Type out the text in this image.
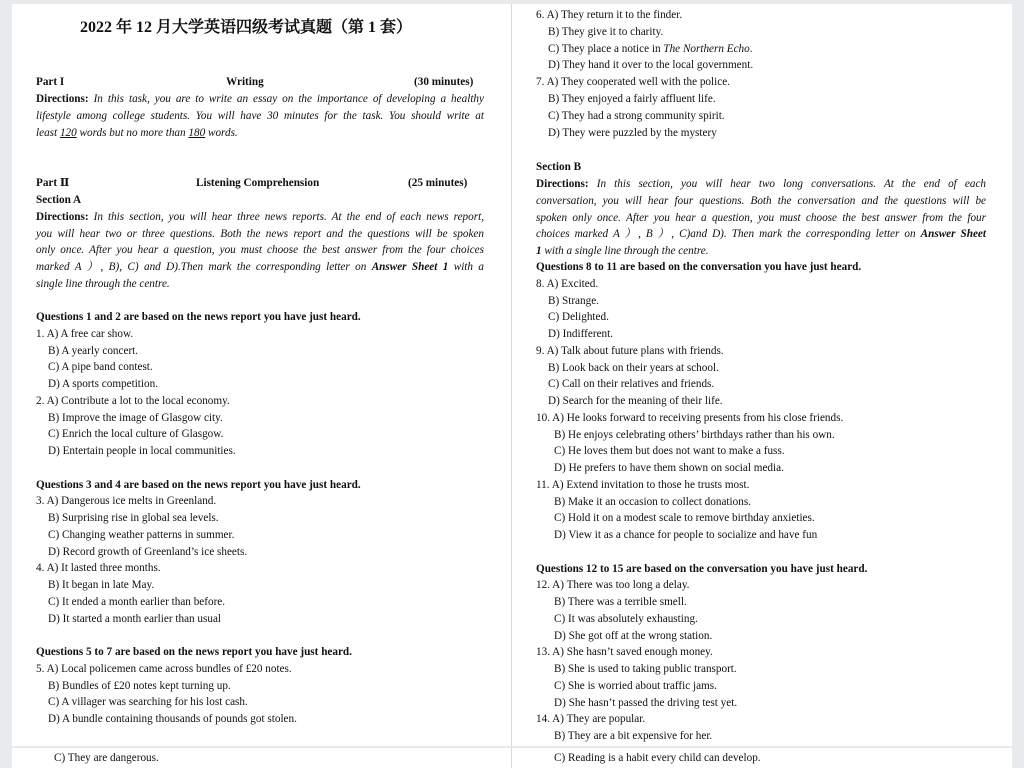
2022 年 12 月大学英语四级考试真题（第 1 套）
Part I	Writing	(30 minutes)
Directions: In this task, you are to write an essay on the importance of developing a healthy
lifestyle among college students. You will have 30 minutes for the task. You should write at
least 120 words but no more than 180 words.
Part Ⅱ	Listening Comprehension	(25 minutes)
Section A
Directions: In this section, you will hear three news reports. At the end of each news report,
you will hear two or three questions. Both the news report and the questions will be spoken
only once. After you hear a question, you must choose the best answer from the four choices
marked A ）, B), C) and D).Then mark the corresponding letter on Answer Sheet 1 with a
single line through the centre.
Questions 1 and 2 are based on the news report you have just heard.
1. A) A free car show.
B) A yearly concert.
C) A pipe band contest.
D) A sports competition.
2. A) Contribute a lot to the local economy.
B) Improve the image of Glasgow city.
C) Enrich the local culture of Glasgow.
D) Entertain people in local communities.
Questions 3 and 4 are based on the news report you have just heard.
3. A) Dangerous ice melts in Greenland.
B) Surprising rise in global sea levels.
C) Changing weather patterns in summer.
D) Record growth of Greenland’s ice sheets.
4. A) It lasted three months.
B) It began in late May.
C) It ended a month earlier than before.
D) It started a month earlier than usual
Questions 5 to 7 are based on the news report you have just heard.
5. A) Local policemen came across bundles of £20 notes.
B) Bundles of £20 notes kept turning up.
C) A villager was searching for his lost cash.
D) A bundle containing thousands of pounds got stolen.
6. A) They return it to the finder.
B) They give it to charity.
C) They place a notice in The Northern Echo.
D) They hand it over to the local government.
7. A) They cooperated well with the police.
B) They enjoyed a fairly affluent life.
C) They had a strong community spirit.
D) They were puzzled by the mystery
Section B
Directions: In this section, you will hear two long conversations. At the end of each
conversation, you will hear four questions. Both the conversation and the questions will be
spoken only once. After you hear a question, you must choose the best answer from the four
choices marked A ）, B ）, C)and D). Then mark the corresponding letter on Answer Sheet
1 with a single line through the centre.
Questions 8 to 11 are based on the conversation you have just heard.
8. A) Excited.
B) Strange.
C) Delighted.
D) Indifferent.
9. A) Talk about future plans with friends.
B) Look back on their years at school.
C) Call on their relatives and friends.
D) Search for the meaning of their life.
10. A) He looks forward to receiving presents from his close friends.
B) He enjoys celebrating others’ birthdays rather than his own.
C) He loves them but does not want to make a fuss.
D) He prefers to have them shown on social media.
11. A) Extend invitation to those he trusts most.
B) Make it an occasion to collect donations.
C) Hold it on a modest scale to remove birthday anxieties.
D) View it as a chance for people to socialize and have fun
Questions 12 to 15 are based on the conversation you have just heard.
12. A) There was too long a delay.
B) There was a terrible smell.
C) It was absolutely exhausting.
D) She got off at the wrong station.
13. A) She hasn’t saved enough money.
B) She is used to taking public transport.
C) She is worried about traffic jams.
D) She hasn’t passed the driving test yet.
14. A) They are popular.
B) They are a bit expensive for her.
C) They are dangerous.	C) Reading is a habit every child can develop.
